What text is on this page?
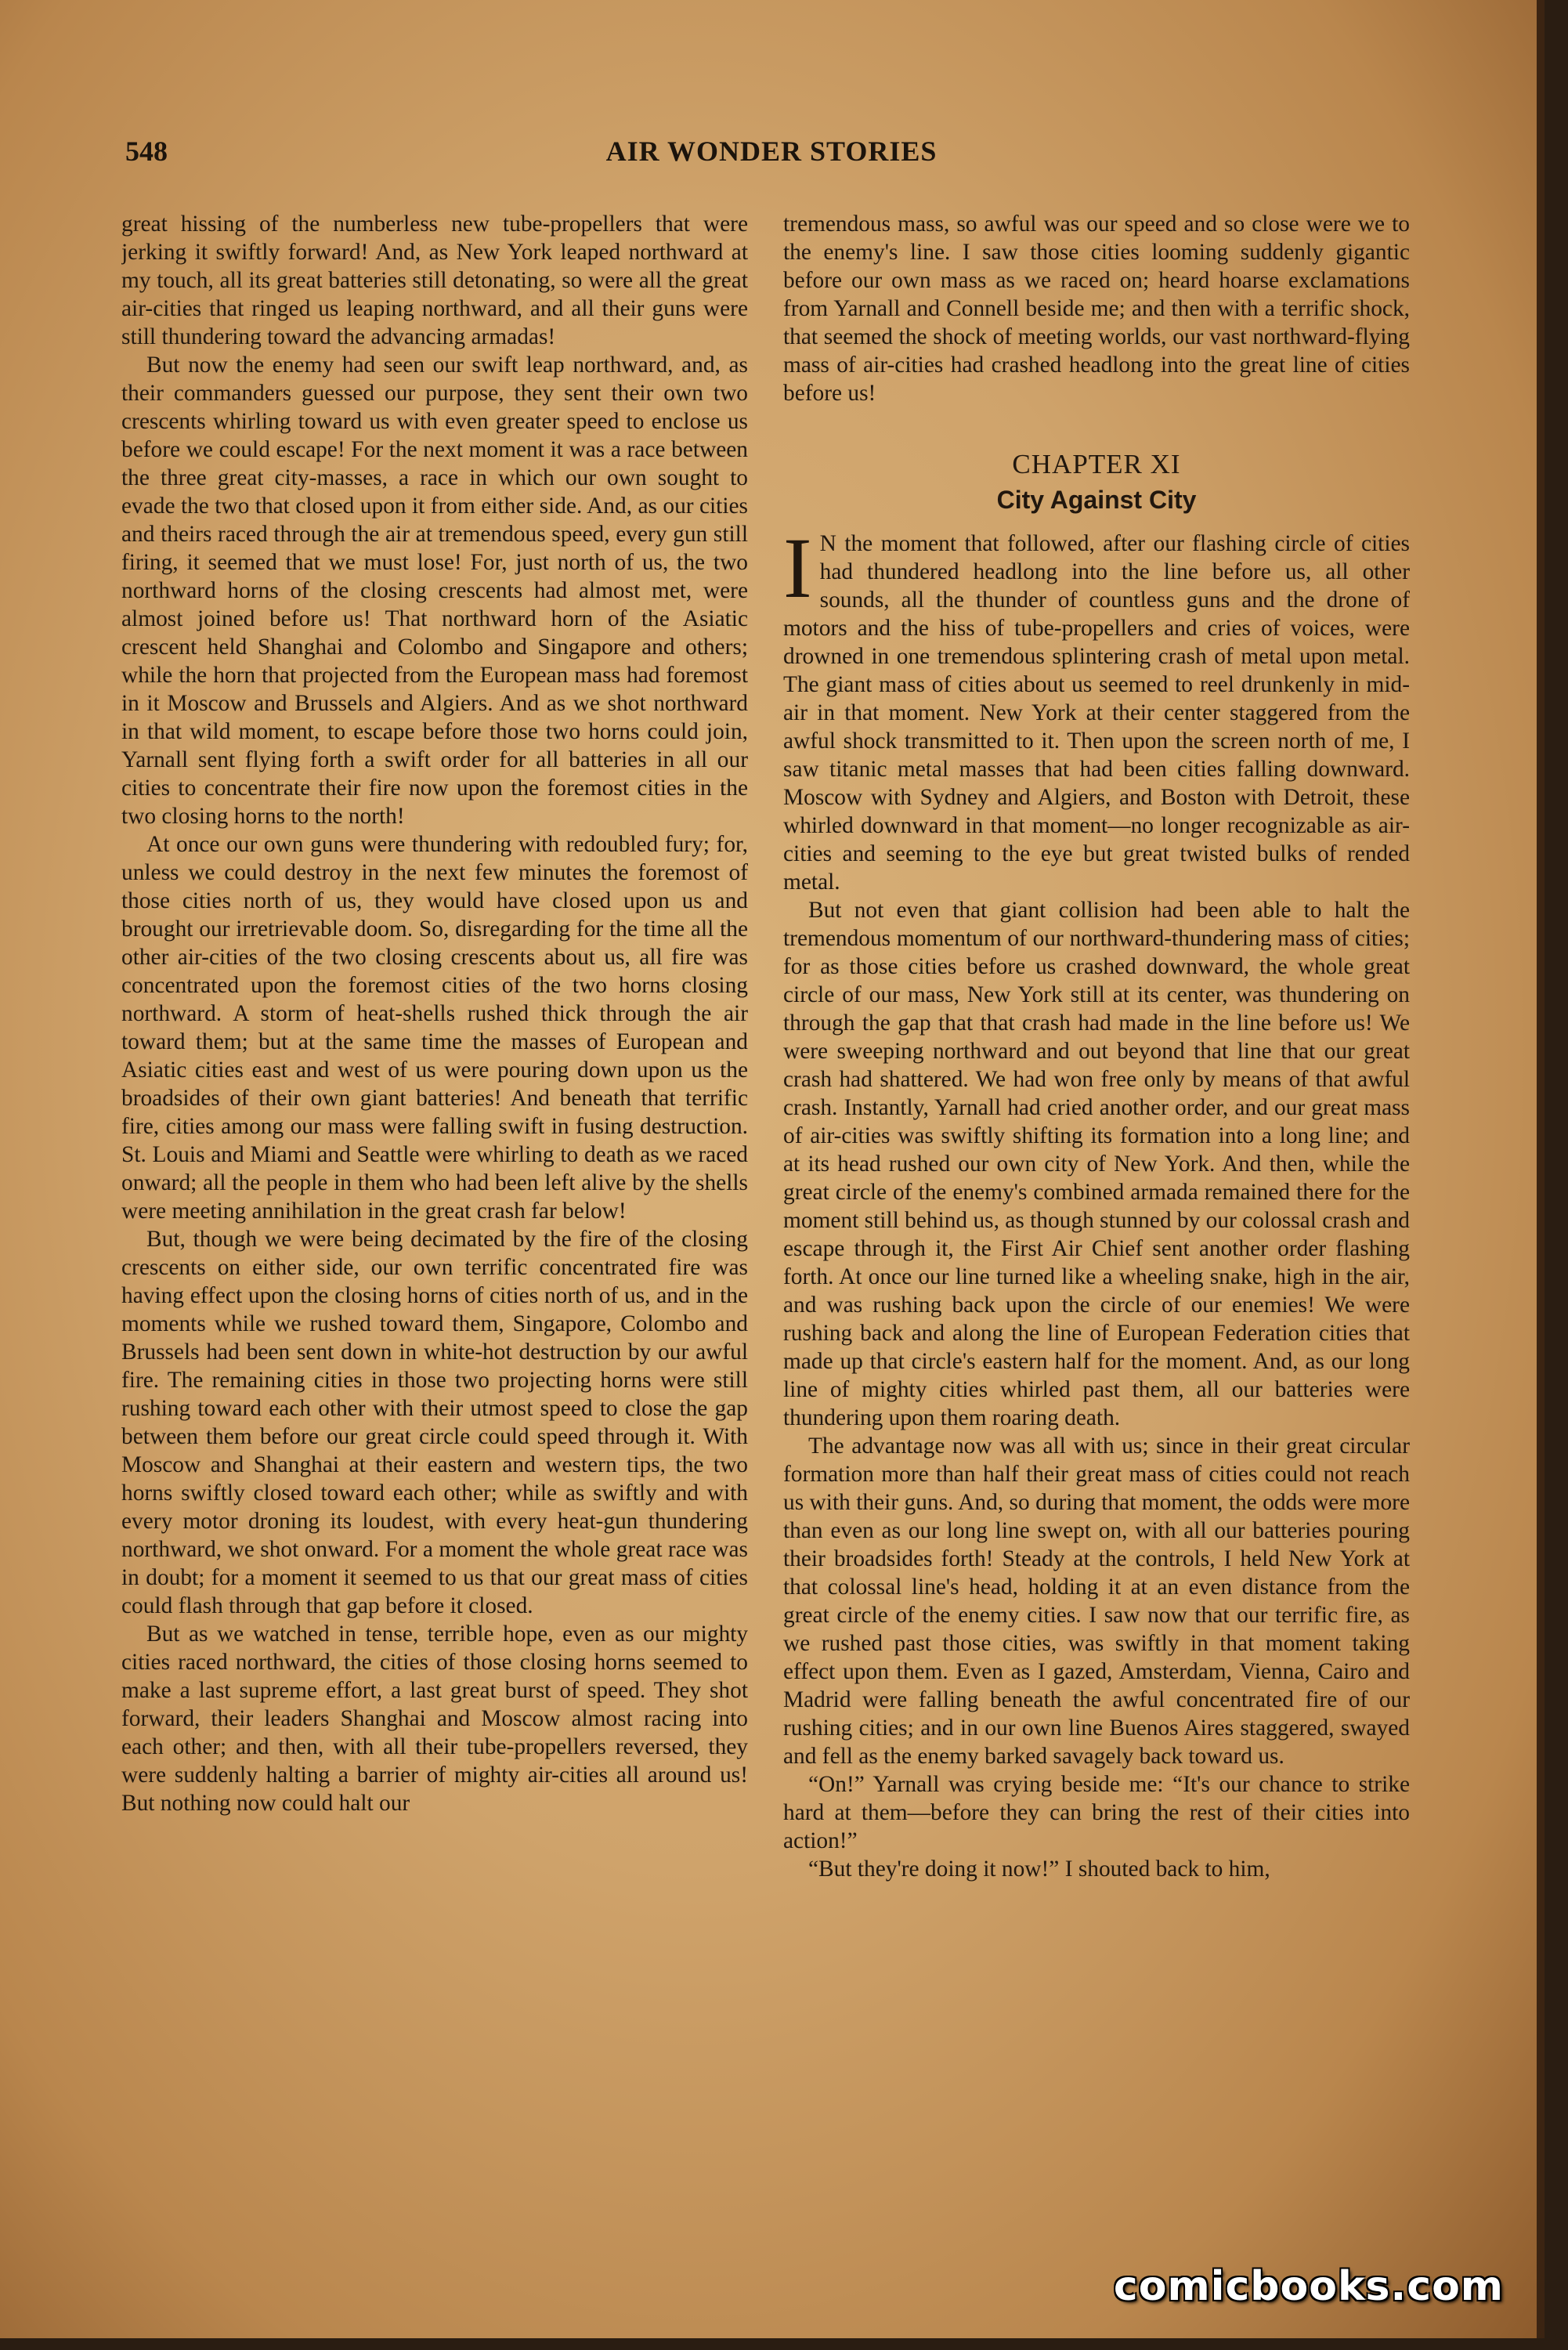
548	AIR WONDER STORIES

great hissing of the numberless new tube-propellers that were jerking it swiftly forward! And, as New York leaped northward at my touch, all its great batteries still detonating, so were all the great air-cities that ringed us leaping northward, and all their guns were still thundering toward the advancing armadas!

But now the enemy had seen our swift leap northward, and, as their commanders guessed our purpose, they sent their own two crescents whirling toward us with even greater speed to enclose us before we could escape! For the next moment it was a race between the three great city-masses, a race in which our own sought to evade the two that closed upon it from either side. And, as our cities and theirs raced through the air at tremendous speed, every gun still firing, it seemed that we must lose! For, just north of us, the two northward horns of the closing crescents had almost met, were almost joined before us! That northward horn of the Asiatic crescent held Shanghai and Colombo and Singapore and others; while the horn that projected from the European mass had foremost in it Moscow and Brussels and Algiers. And as we shot northward in that wild moment, to escape before those two horns could join, Yarnall sent flying forth a swift order for all batteries in all our cities to concentrate their fire now upon the foremost cities in the two closing horns to the north!

At once our own guns were thundering with redoubled fury; for, unless we could destroy in the next few minutes the foremost of those cities north of us, they would have closed upon us and brought our irretrievable doom. So, disregarding for the time all the other air-cities of the two closing crescents about us, all fire was concentrated upon the foremost cities of the two horns closing northward. A storm of heat-shells rushed thick through the air toward them; but at the same time the masses of European and Asiatic cities east and west of us were pouring down upon us the broadsides of their own giant batteries! And beneath that terrific fire, cities among our mass were falling swift in fusing destruction. St. Louis and Miami and Seattle were whirling to death as we raced onward; all the people in them who had been left alive by the shells were meeting annihilation in the great crash far below!

But, though we were being decimated by the fire of the closing crescents on either side, our own terrific concentrated fire was having effect upon the closing horns of cities north of us, and in the moments while we rushed toward them, Singapore, Colombo and Brussels had been sent down in white-hot destruction by our awful fire. The remaining cities in those two projecting horns were still rushing toward each other with their utmost speed to close the gap between them before our great circle could speed through it. With Moscow and Shanghai at their eastern and western tips, the two horns swiftly closed toward each other; while as swiftly and with every motor droning its loudest, with every heat-gun thundering northward, we shot onward. For a moment the whole great race was in doubt; for a moment it seemed to us that our great mass of cities could flash through that gap before it closed.

But as we watched in tense, terrible hope, even as our mighty cities raced northward, the cities of those closing horns seemed to make a last supreme effort, a last great burst of speed. They shot forward, their leaders Shanghai and Moscow almost racing into each other; and then, with all their tube-propellers reversed, they were suddenly halting a barrier of mighty air-cities all around us! But nothing now could halt our

tremendous mass, so awful was our speed and so close were we to the enemy's line. I saw those cities looming suddenly gigantic before our own mass as we raced on; heard hoarse exclamations from Yarnall and Connell beside me; and then with a terrific shock, that seemed the shock of meeting worlds, our vast northward-flying mass of air-cities had crashed headlong into the great line of cities before us!

CHAPTER XI
City Against City

I N the moment that followed, after our flashing circle of cities had thundered headlong into the line before us, all other sounds, all the thunder of countless guns and the drone of motors and the hiss of tube-propellers and cries of voices, were drowned in one tremendous splintering crash of metal upon metal. The giant mass of cities about us seemed to reel drunkenly in mid-air in that moment. New York at their center staggered from the awful shock transmitted to it. Then upon the screen north of me, I saw titanic metal masses that had been cities falling downward. Moscow with Sydney and Algiers, and Boston with Detroit, these whirled downward in that moment—no longer recognizable as air-cities and seeming to the eye but great twisted bulks of rended metal.

But not even that giant collision had been able to halt the tremendous momentum of our northward-thundering mass of cities; for as those cities before us crashed downward, the whole great circle of our mass, New York still at its center, was thundering on through the gap that that crash had made in the line before us! We were sweeping northward and out beyond that line that our great crash had shattered. We had won free only by means of that awful crash. Instantly, Yarnall had cried another order, and our great mass of air-cities was swiftly shifting its formation into a long line; and at its head rushed our own city of New York. And then, while the great circle of the enemy's combined armada remained there for the moment still behind us, as though stunned by our colossal crash and escape through it, the First Air Chief sent another order flashing forth. At once our line turned like a wheeling snake, high in the air, and was rushing back upon the circle of our enemies! We were rushing back and along the line of European Federation cities that made up that circle's eastern half for the moment. And, as our long line of mighty cities whirled past them, all our batteries were thundering upon them roaring death.

The advantage now was all with us; since in their great circular formation more than half their great mass of cities could not reach us with their guns. And, so during that moment, the odds were more than even as our long line swept on, with all our batteries pouring their broadsides forth! Steady at the controls, I held New York at that colossal line's head, holding it at an even distance from the great circle of the enemy cities. I saw now that our terrific fire, as we rushed past those cities, was swiftly in that moment taking effect upon them. Even as I gazed, Amsterdam, Vienna, Cairo and Madrid were falling beneath the awful concentrated fire of our rushing cities; and in our own line Buenos Aires staggered, swayed and fell as the enemy barked savagely back toward us.

“On!” Yarnall was crying beside me: “It's our chance to strike hard at them—before they can bring the rest of their cities into action!”

“But they're doing it now!” I shouted back to him,

comicbooks.com
